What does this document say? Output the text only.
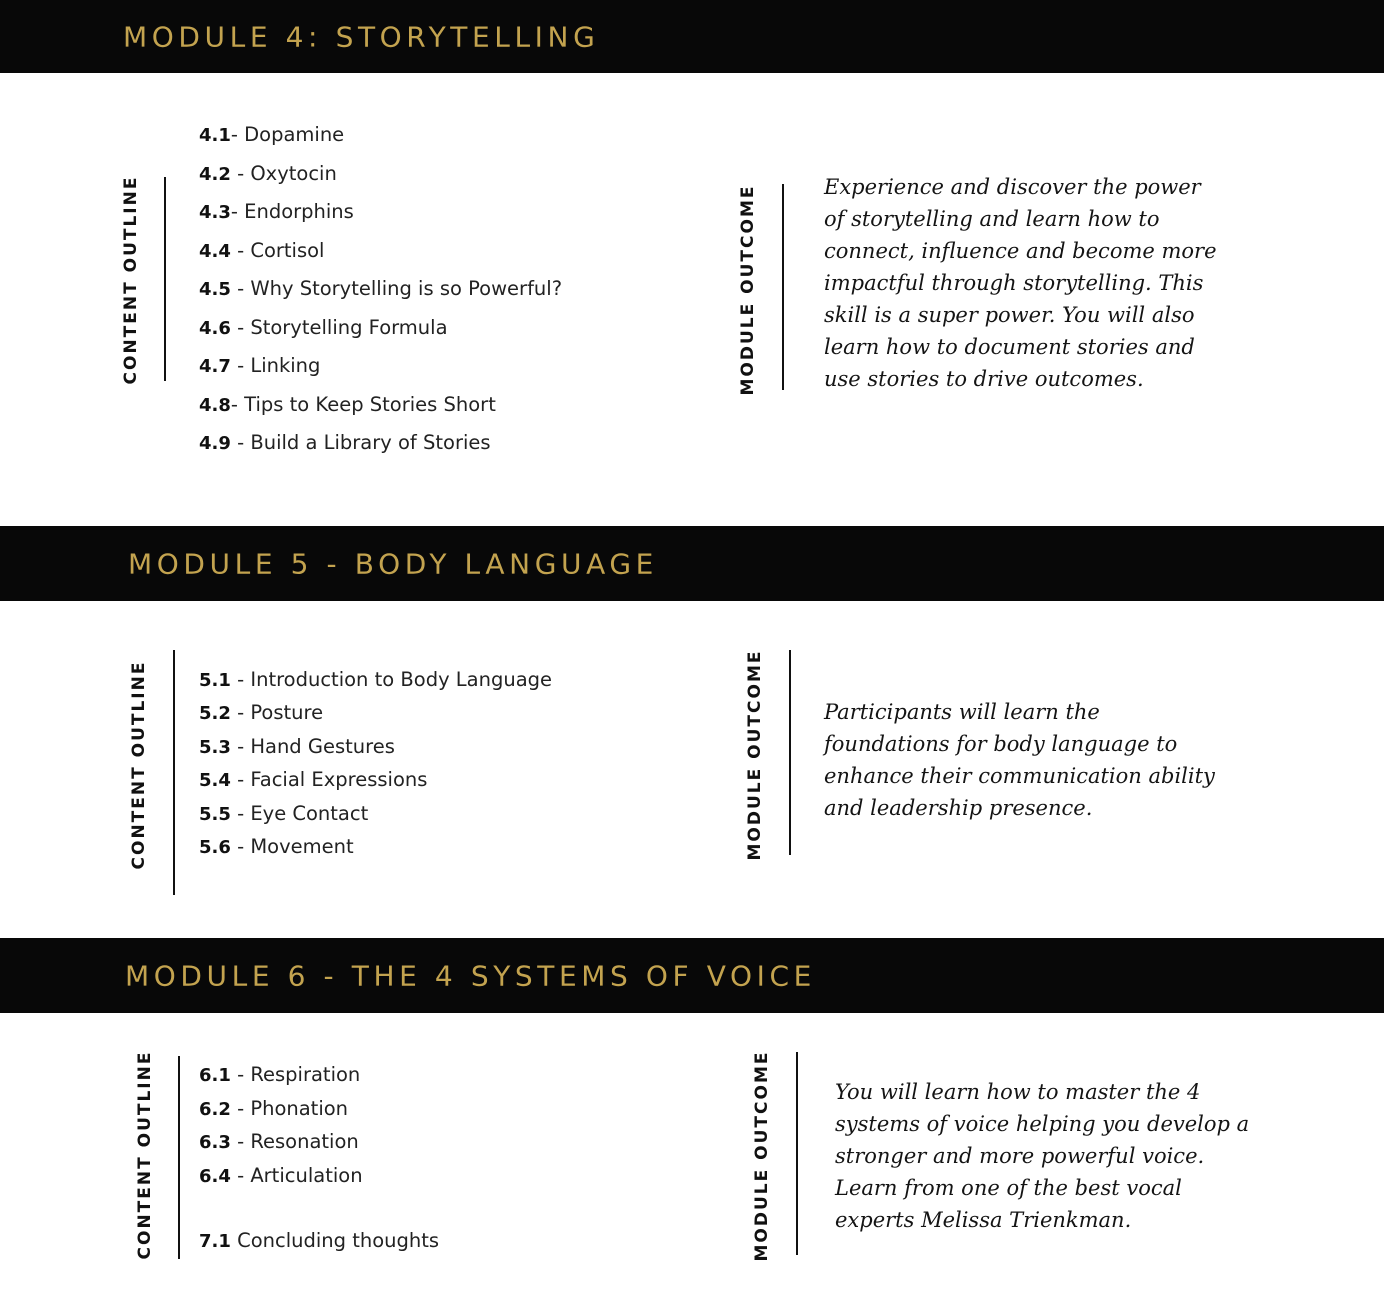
MODULE 4: STORYTELLING
CONTENT OUTLINE
4.1- Dopamine
4.2 - Oxytocin
4.3- Endorphins
4.4 - Cortisol
4.5 - Why Storytelling is so Powerful?
4.6 - Storytelling Formula
4.7 - Linking
4.8- Tips to Keep Stories Short
4.9 - Build a Library of Stories
MODULE OUTCOME	Experience and discover the power of storytelling and learn how to connect, influence and become more impactful through storytelling. This skill is a super power. You will also learn how to document stories and use stories to drive outcomes.

MODULE 5 - BODY LANGUAGE
CONTENT OUTLINE	5.1 - Introduction to Body Language
5.2 - Posture
5.3 - Hand Gestures
5.4 - Facial Expressions
5.5 - Eye Contact
5.6 - Movement	MODULE OUTCOME	Participants will learn the foundations for body language to enhance their communication ability and leadership presence.

MODULE 6 - THE 4 SYSTEMS OF VOICE
CONTENT OUTLINE 6.1 - Respiration
6.2 - Phonation
6.3 - Resonation
6.4 - Articulation
7.1 Concluding thoughts	MODULE OUTCOME	You will learn how to master the 4 systems of voice helping you develop a stronger and more powerful voice. Learn from one of the best vocal experts Melissa Trienkman.
